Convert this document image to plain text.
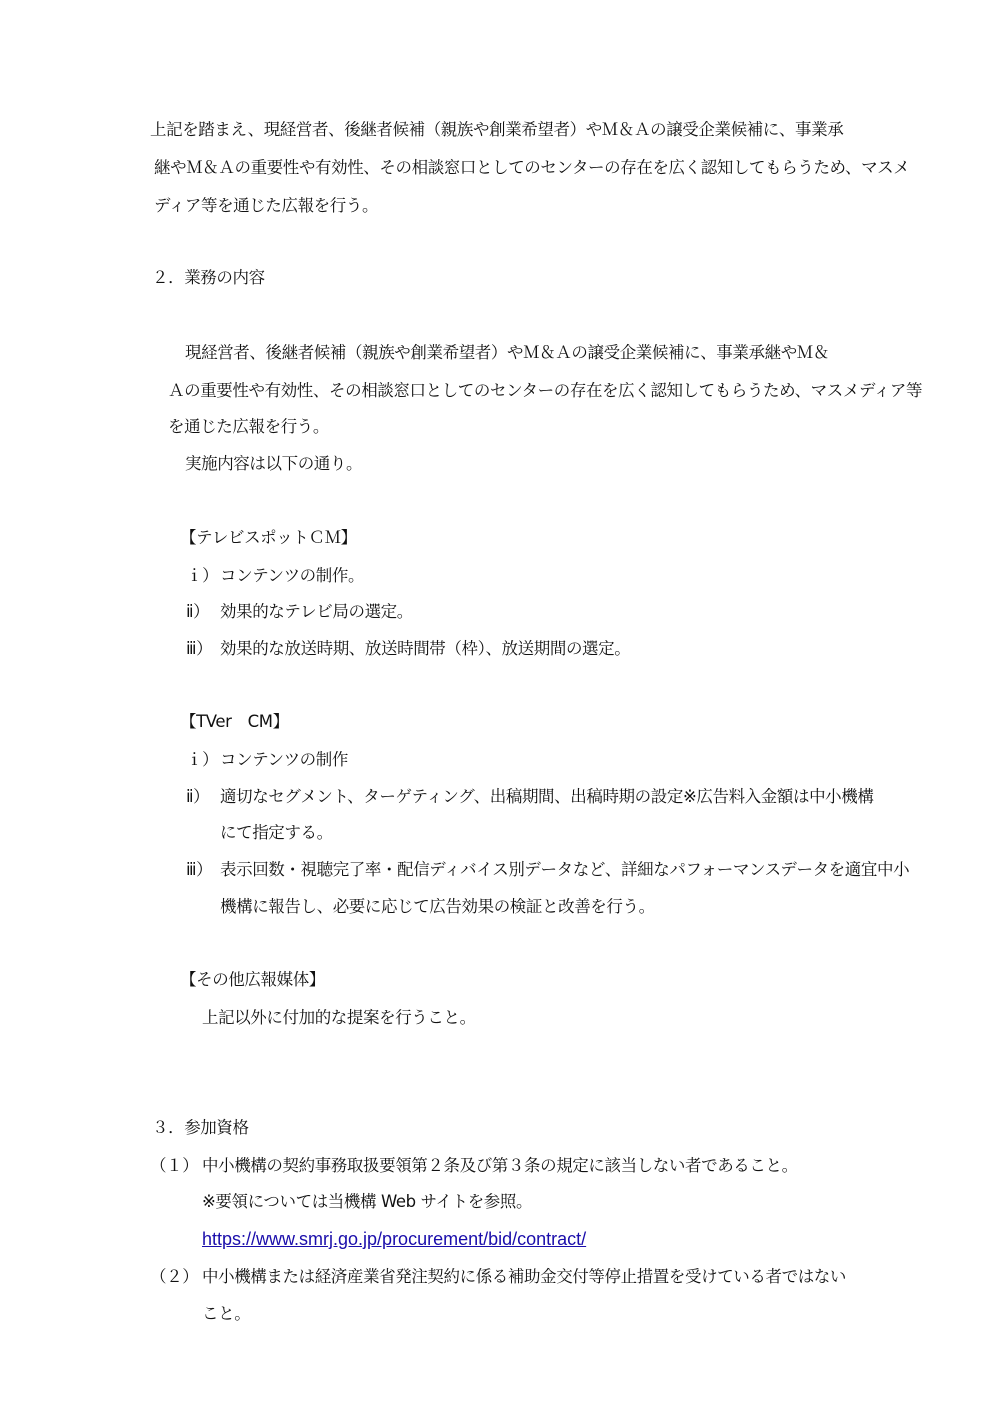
上記を踏まえ、現経営者、後継者候補（親族や創業希望者）やＭ＆Ａの譲受企業候補に、事業承
継やＭ＆Ａの重要性や有効性、その相談窓口としてのセンターの存在を広く認知してもらうため、マスメ
ディア等を通じた広報を行う。
２．業務の内容
現経営者、後継者候補（親族や創業希望者）やＭ＆Ａの譲受企業候補に、事業承継やＭ＆
Ａの重要性や有効性、その相談窓口としてのセンターの存在を広く認知してもらうため、マスメディア等
を通じた広報を行う。
実施内容は以下の通り。
【テレビスポットＣＭ】
ｉ） コンテンツの制作。
ⅱ） 効果的なテレビ局の選定。
ⅲ） 効果的な放送時期、放送時間帯（枠）、放送期間の選定。
【TVer　CM】
ｉ） コンテンツの制作
ⅱ） 適切なセグメント、ターゲティング、出稿期間、出稿時期の設定※広告料入金額は中小機構
にて指定する。
ⅲ） 表示回数・視聴完了率・配信ディバイス別データなど、詳細なパフォーマンスデータを適宜中小
機構に報告し、必要に応じて広告効果の検証と改善を行う。
【その他広報媒体】
上記以外に付加的な提案を行うこと。
３．参加資格
（１） 中小機構の契約事務取扱要領第２条及び第３条の規定に該当しない者であること。
※要領については当機構 Web サイトを参照。
https://www.smrj.go.jp/procurement/bid/contract/
（２） 中小機構または経済産業省発注契約に係る補助金交付等停止措置を受けている者ではない
こと。
